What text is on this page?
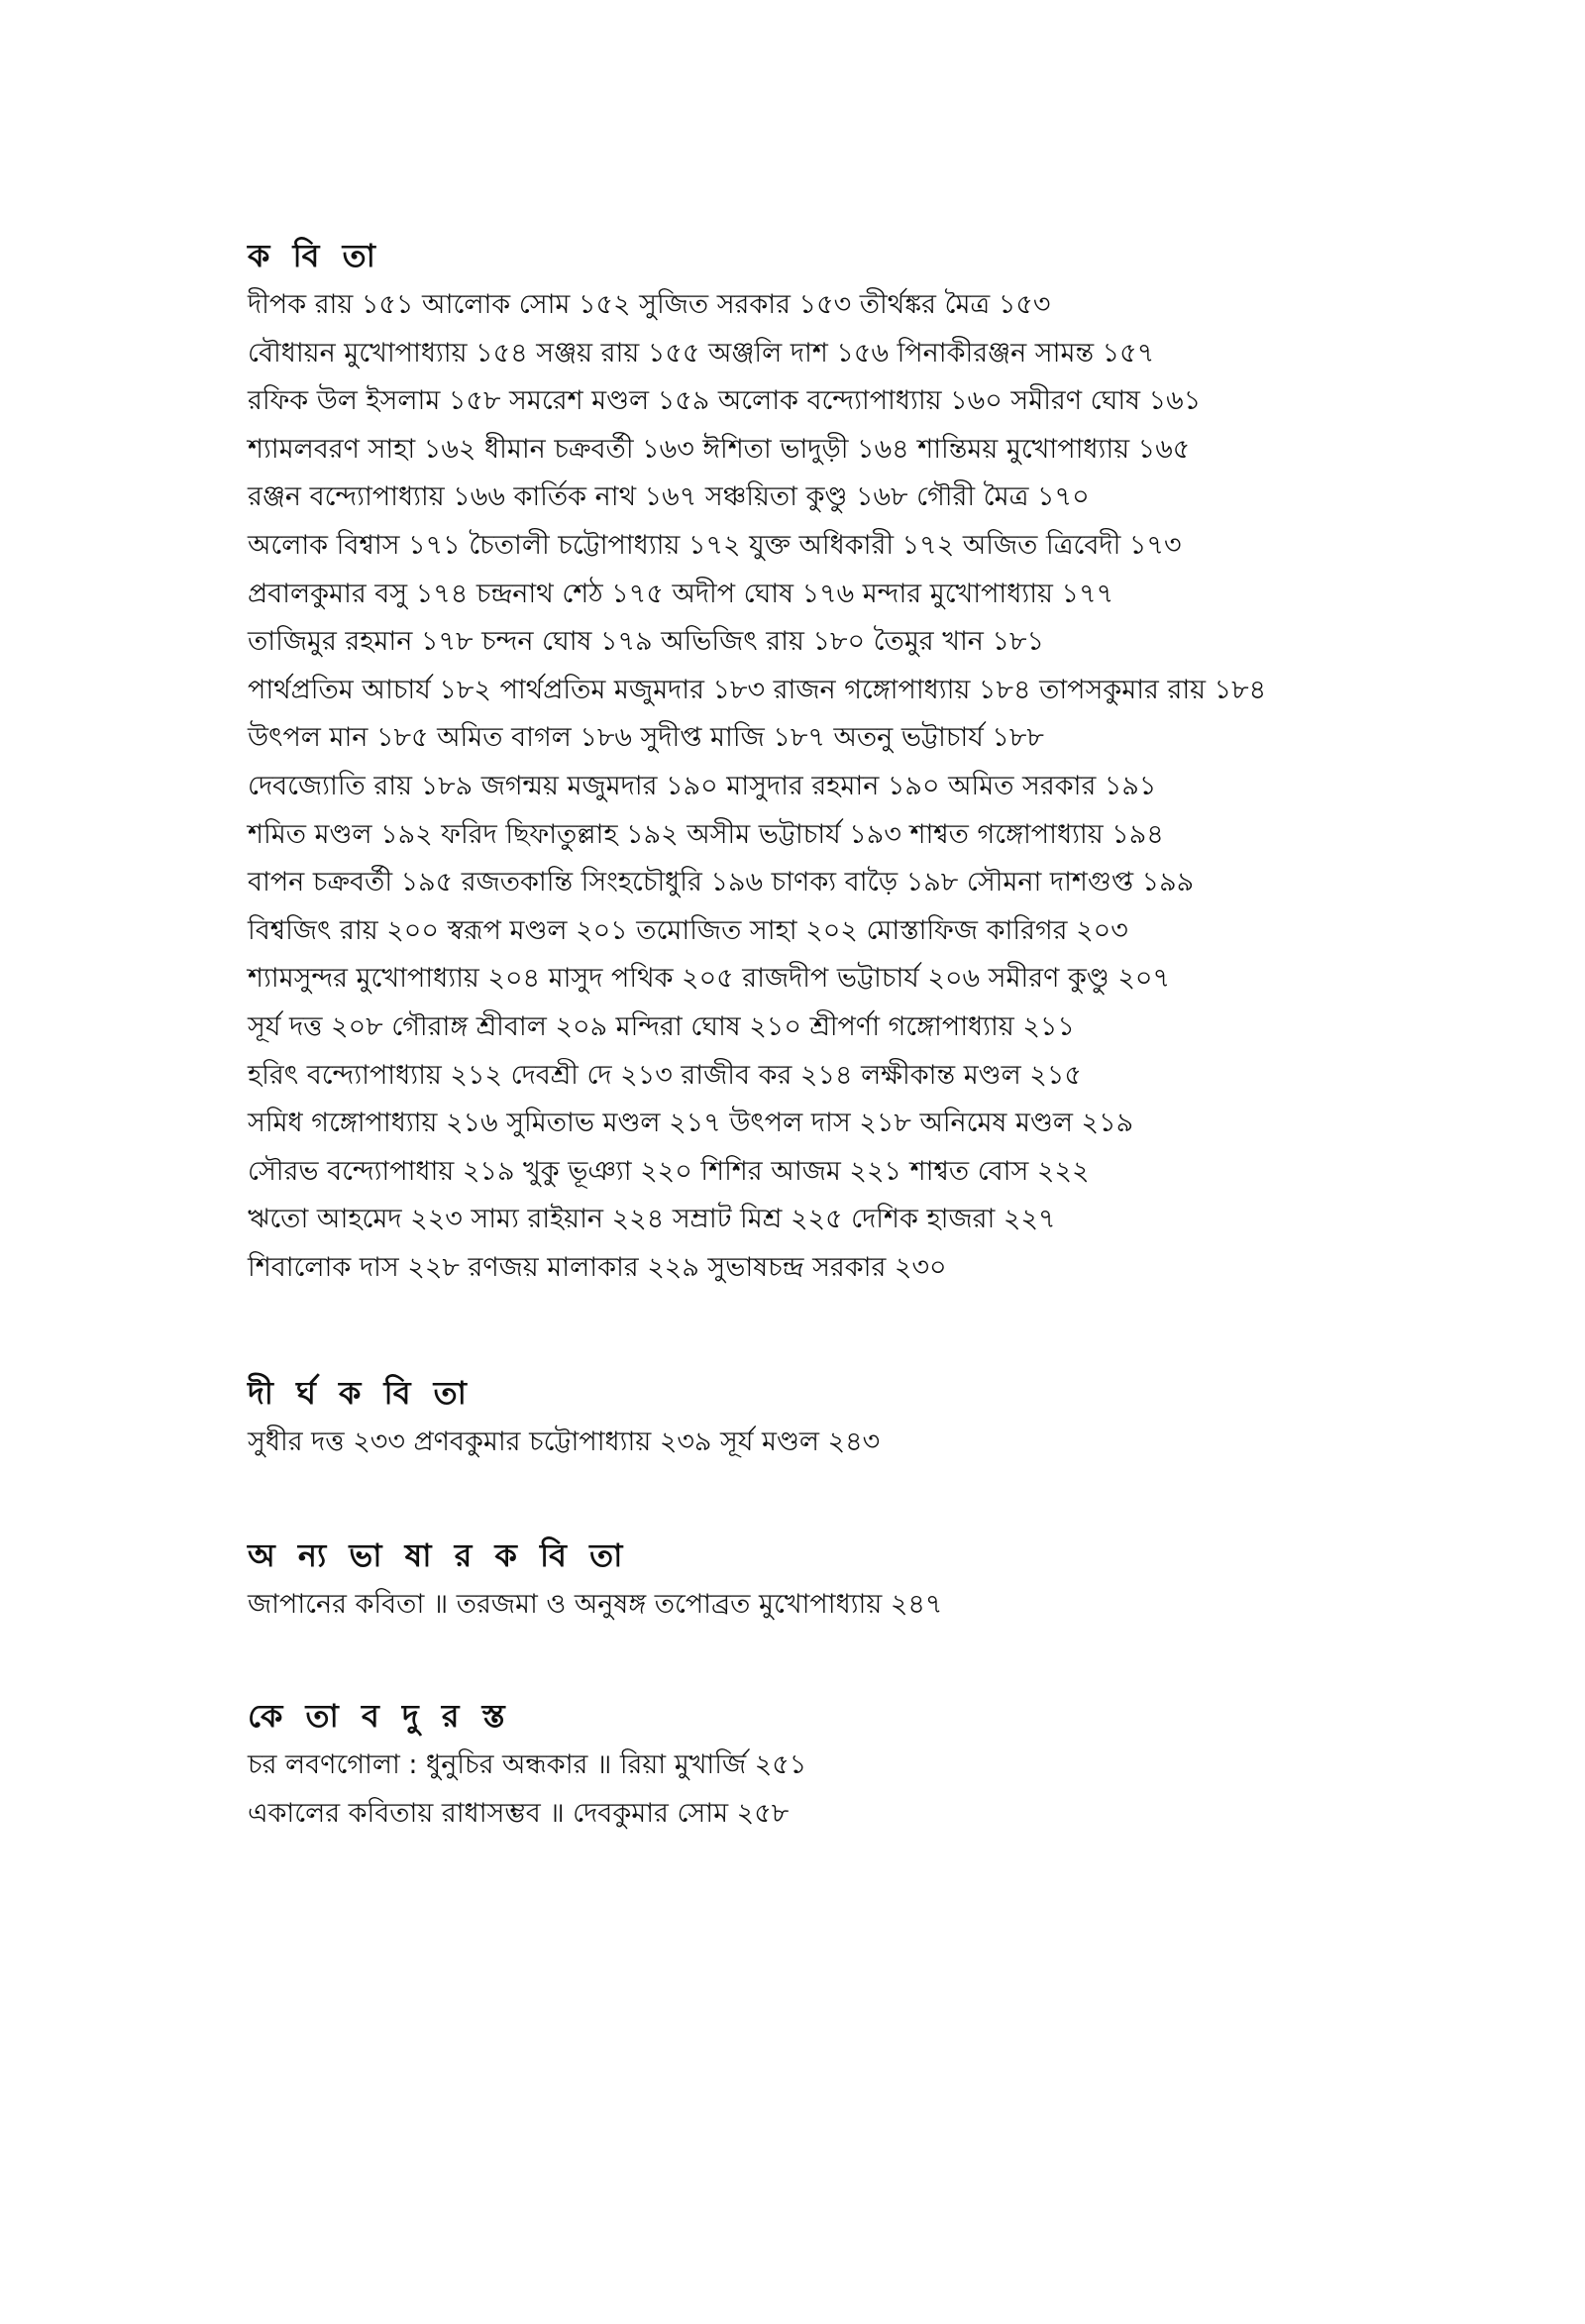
ক বি তা

দীপক রায় ১৫১ আলোক সোম ১৫২ সুজিত সরকার ১৫৩ তীর্থঙ্কর মৈত্র ১৫৩

বৌধায়ন মুখোপাধ্যায় ১৫৪ সঞ্জয় রায় ১৫৫ অঞ্জলি দাশ ১৫৬ পিনাকীরঞ্জন সামন্ত ১৫৭

রফিক উল ইসলাম ১৫৮ সমরেশ মণ্ডল ১৫৯ অলোক বন্দ্যোপাধ্যায় ১৬০ সমীরণ ঘোষ ১৬১

শ্যামলবরণ সাহা ১৬২ ধীমান চক্রবর্তী ১৬৩ ঈশিতা ভাদুড়ী ১৬৪ শান্তিময় মুখোপাধ্যায় ১৬৫

রঞ্জন বন্দ্যোপাধ্যায় ১৬৬ কার্তিক নাথ ১৬৭ সঞ্চয়িতা কুণ্ডু ১৬৮ গৌরী মৈত্র ১৭০

অলোক বিশ্বাস ১৭১ চৈতালী চট্টোপাধ্যায় ১৭২ যুক্ত অধিকারী ১৭২ অজিত ত্রিবেদী ১৭৩

প্রবালকুমার বসু ১৭৪ চন্দ্রনাথ শেঠ ১৭৫ অদীপ ঘোষ ১৭৬ মন্দার মুখোপাধ্যায় ১৭৭

তাজিমুর রহমান ১৭৮ চন্দন ঘোষ ১৭৯ অভিজিৎ রায় ১৮০ তৈমুর খান ১৮১

পার্থপ্রতিম আচার্য ১৮২ পার্থপ্রতিম মজুমদার ১৮৩ রাজন গঙ্গোপাধ্যায় ১৮৪ তাপসকুমার রায় ১৮৪

উৎপল মান ১৮৫ অমিত বাগল ১৮৬ সুদীপ্ত মাজি ১৮৭ অতনু ভট্টাচার্য ১৮৮

দেবজ্যোতি রায় ১৮৯ জগন্ময় মজুমদার ১৯০ মাসুদার রহমান ১৯০ অমিত সরকার ১৯১

শমিত মণ্ডল ১৯২ ফরিদ ছিফাতুল্লাহ ১৯২ অসীম ভট্টাচার্য ১৯৩ শাশ্বত গঙ্গোপাধ্যায় ১৯৪

বাপন চক্রবর্তী ১৯৫ রজতকান্তি সিংহচৌধুরি ১৯৬ চাণক্য বাড়ৈ ১৯৮ সৌমনা দাশগুপ্ত ১৯৯

বিশ্বজিৎ রায় ২০০ স্বরূপ মণ্ডল ২০১ তমোজিত সাহা ২০২ মোস্তাফিজ কারিগর ২০৩

শ্যামসুন্দর মুখোপাধ্যায় ২০৪ মাসুদ পথিক ২০৫ রাজদীপ ভট্টাচার্য ২০৬ সমীরণ কুণ্ডু ২০৭

সূর্য দত্ত ২০৮ গৌরাঙ্গ শ্রীবাল ২০৯ মন্দিরা ঘোষ ২১০ শ্রীপর্ণা গঙ্গোপাধ্যায় ২১১

হরিৎ বন্দ্যোপাধ্যায় ২১২ দেবশ্রী দে ২১৩ রাজীব কর ২১৪ লক্ষীকান্ত মণ্ডল ২১৫

সমিধ গঙ্গোপাধ্যায় ২১৬ সুমিতাভ মণ্ডল ২১৭ উৎপল দাস ২১৮ অনিমেষ মণ্ডল ২১৯

সৌরভ বন্দ্যোপাধায় ২১৯ খুকু ভূঞ্যা ২২০ শিশির আজম ২২১ শাশ্বত বোস ২২২

ঋতো আহমেদ ২২৩ সাম্য রাইয়ান ২২৪ সম্রাট মিশ্র ২২৫ দেশিক হাজরা ২২৭

শিবালোক দাস ২২৮ রণজয় মালাকার ২২৯ সুভাষচন্দ্র সরকার ২৩০

দী র্ঘ ক বি তা

সুধীর দত্ত ২৩৩ প্রণবকুমার চট্টোপাধ্যায় ২৩৯ সূর্য মণ্ডল ২৪৩

অ ন্য ভা ষা র ক বি তা

জাপানের কবিতা ॥ তরজমা ও অনুষঙ্গ তপোব্রত মুখোপাধ্যায় ২৪৭

কে তা ব দু র স্ত

চর লবণগোলা : ধুনুচির অন্ধকার ॥ রিয়া মুখার্জি ২৫১

একালের কবিতায় রাধাসম্ভব ॥ দেবকুমার সোম ২৫৮
